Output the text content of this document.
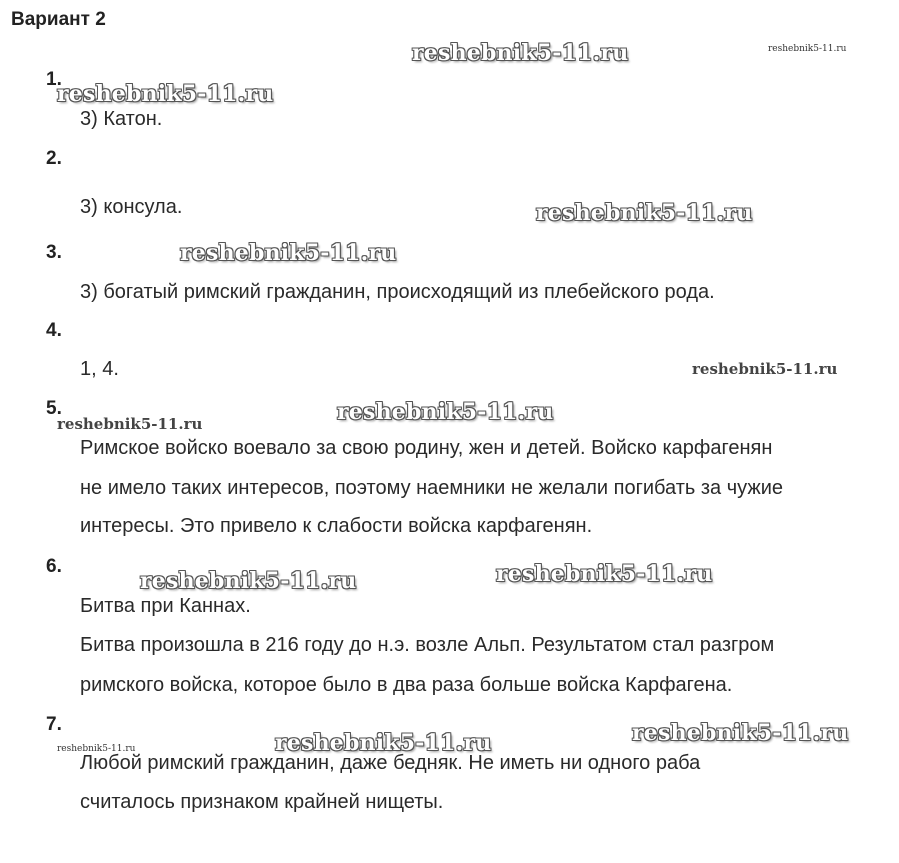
Вариант 2
reshebnik5-11.ru	reshebnik5-11.ru
reshebnik5-11.ru
reshebnik5-11.ru
reshebnik5-11.ru
reshebnik5-11.ru
reshebnik5-11.ru
reshebnik5-11.ru
reshebnik5-11.ru	reshebnik5-11.ru
reshebnik5-11.ru
reshebnik5-11.ru
reshebnik5-11.ru
1.
3) Катон.
2.
3) консула.
3.
3) богатый римский гражданин, происходящий из плебейского рода.
4.
1, 4.
5.
Римское войско воевало за свою родину, жен и детей. Войско карфагенян
не имело таких интересов, поэтому наемники не желали погибать за чужие
интересы. Это привело к слабости войска карфагенян.
6.
Битва при Каннах.
Битва произошла в 216 году до н.э. возле Альп. Результатом стал разгром
римского войска, которое было в два раза больше войска Карфагена.
7.
Любой римский гражданин, даже бедняк. Не иметь ни одного раба
считалось признаком крайней нищеты.
